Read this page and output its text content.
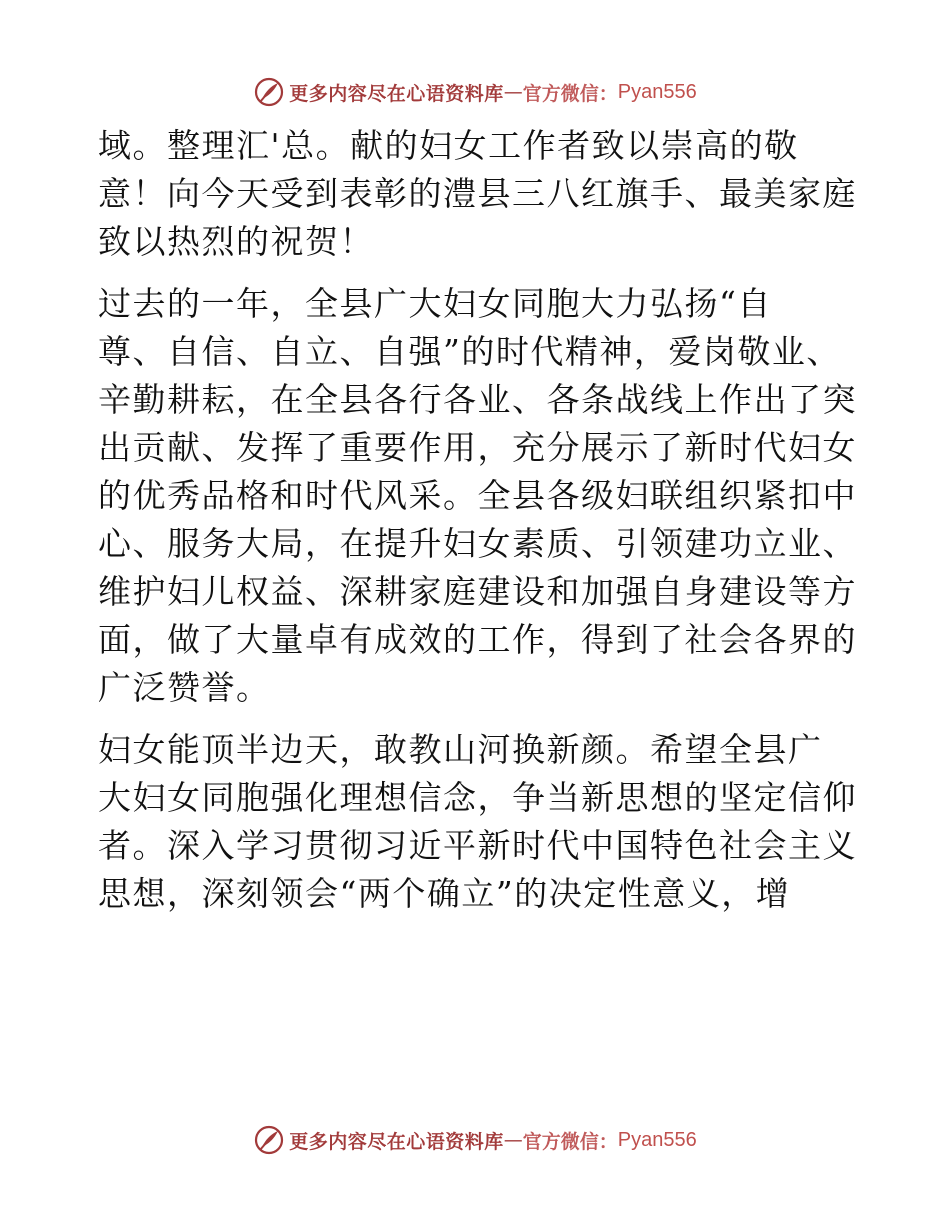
更多内容尽在心语资料库 — 官方微信： Pyan556

域。整理汇'总。献的妇女工作者致以崇高的敬
意！向今天受到表彰的澧县三八红旗手、最美家庭
致以热烈的祝贺！

过去的一年，全县广大妇女同胞大力弘扬“自
尊、自信、自立、自强”的时代精神，爱岗敬业、
辛勤耕耘，在全县各行各业、各条战线上作出了突
出贡献、发挥了重要作用，充分展示了新时代妇女
的优秀品格和时代风采。全县各级妇联组织紧扣中
心、服务大局，在提升妇女素质、引领建功立业、
维护妇儿权益、深耕家庭建设和加强自身建设等方
面，做了大量卓有成效的工作，得到了社会各界的
广泛赞誉。

妇女能顶半边天，敢教山河换新颜。希望全县广
大妇女同胞强化理想信念，争当新思想的坚定信仰
者。深入学习贯彻习近平新时代中国特色社会主义
思想，深刻领会“两个确立”的决定性意义，增

更多内容尽在心语资料库 — 官方微信： Pyan556
